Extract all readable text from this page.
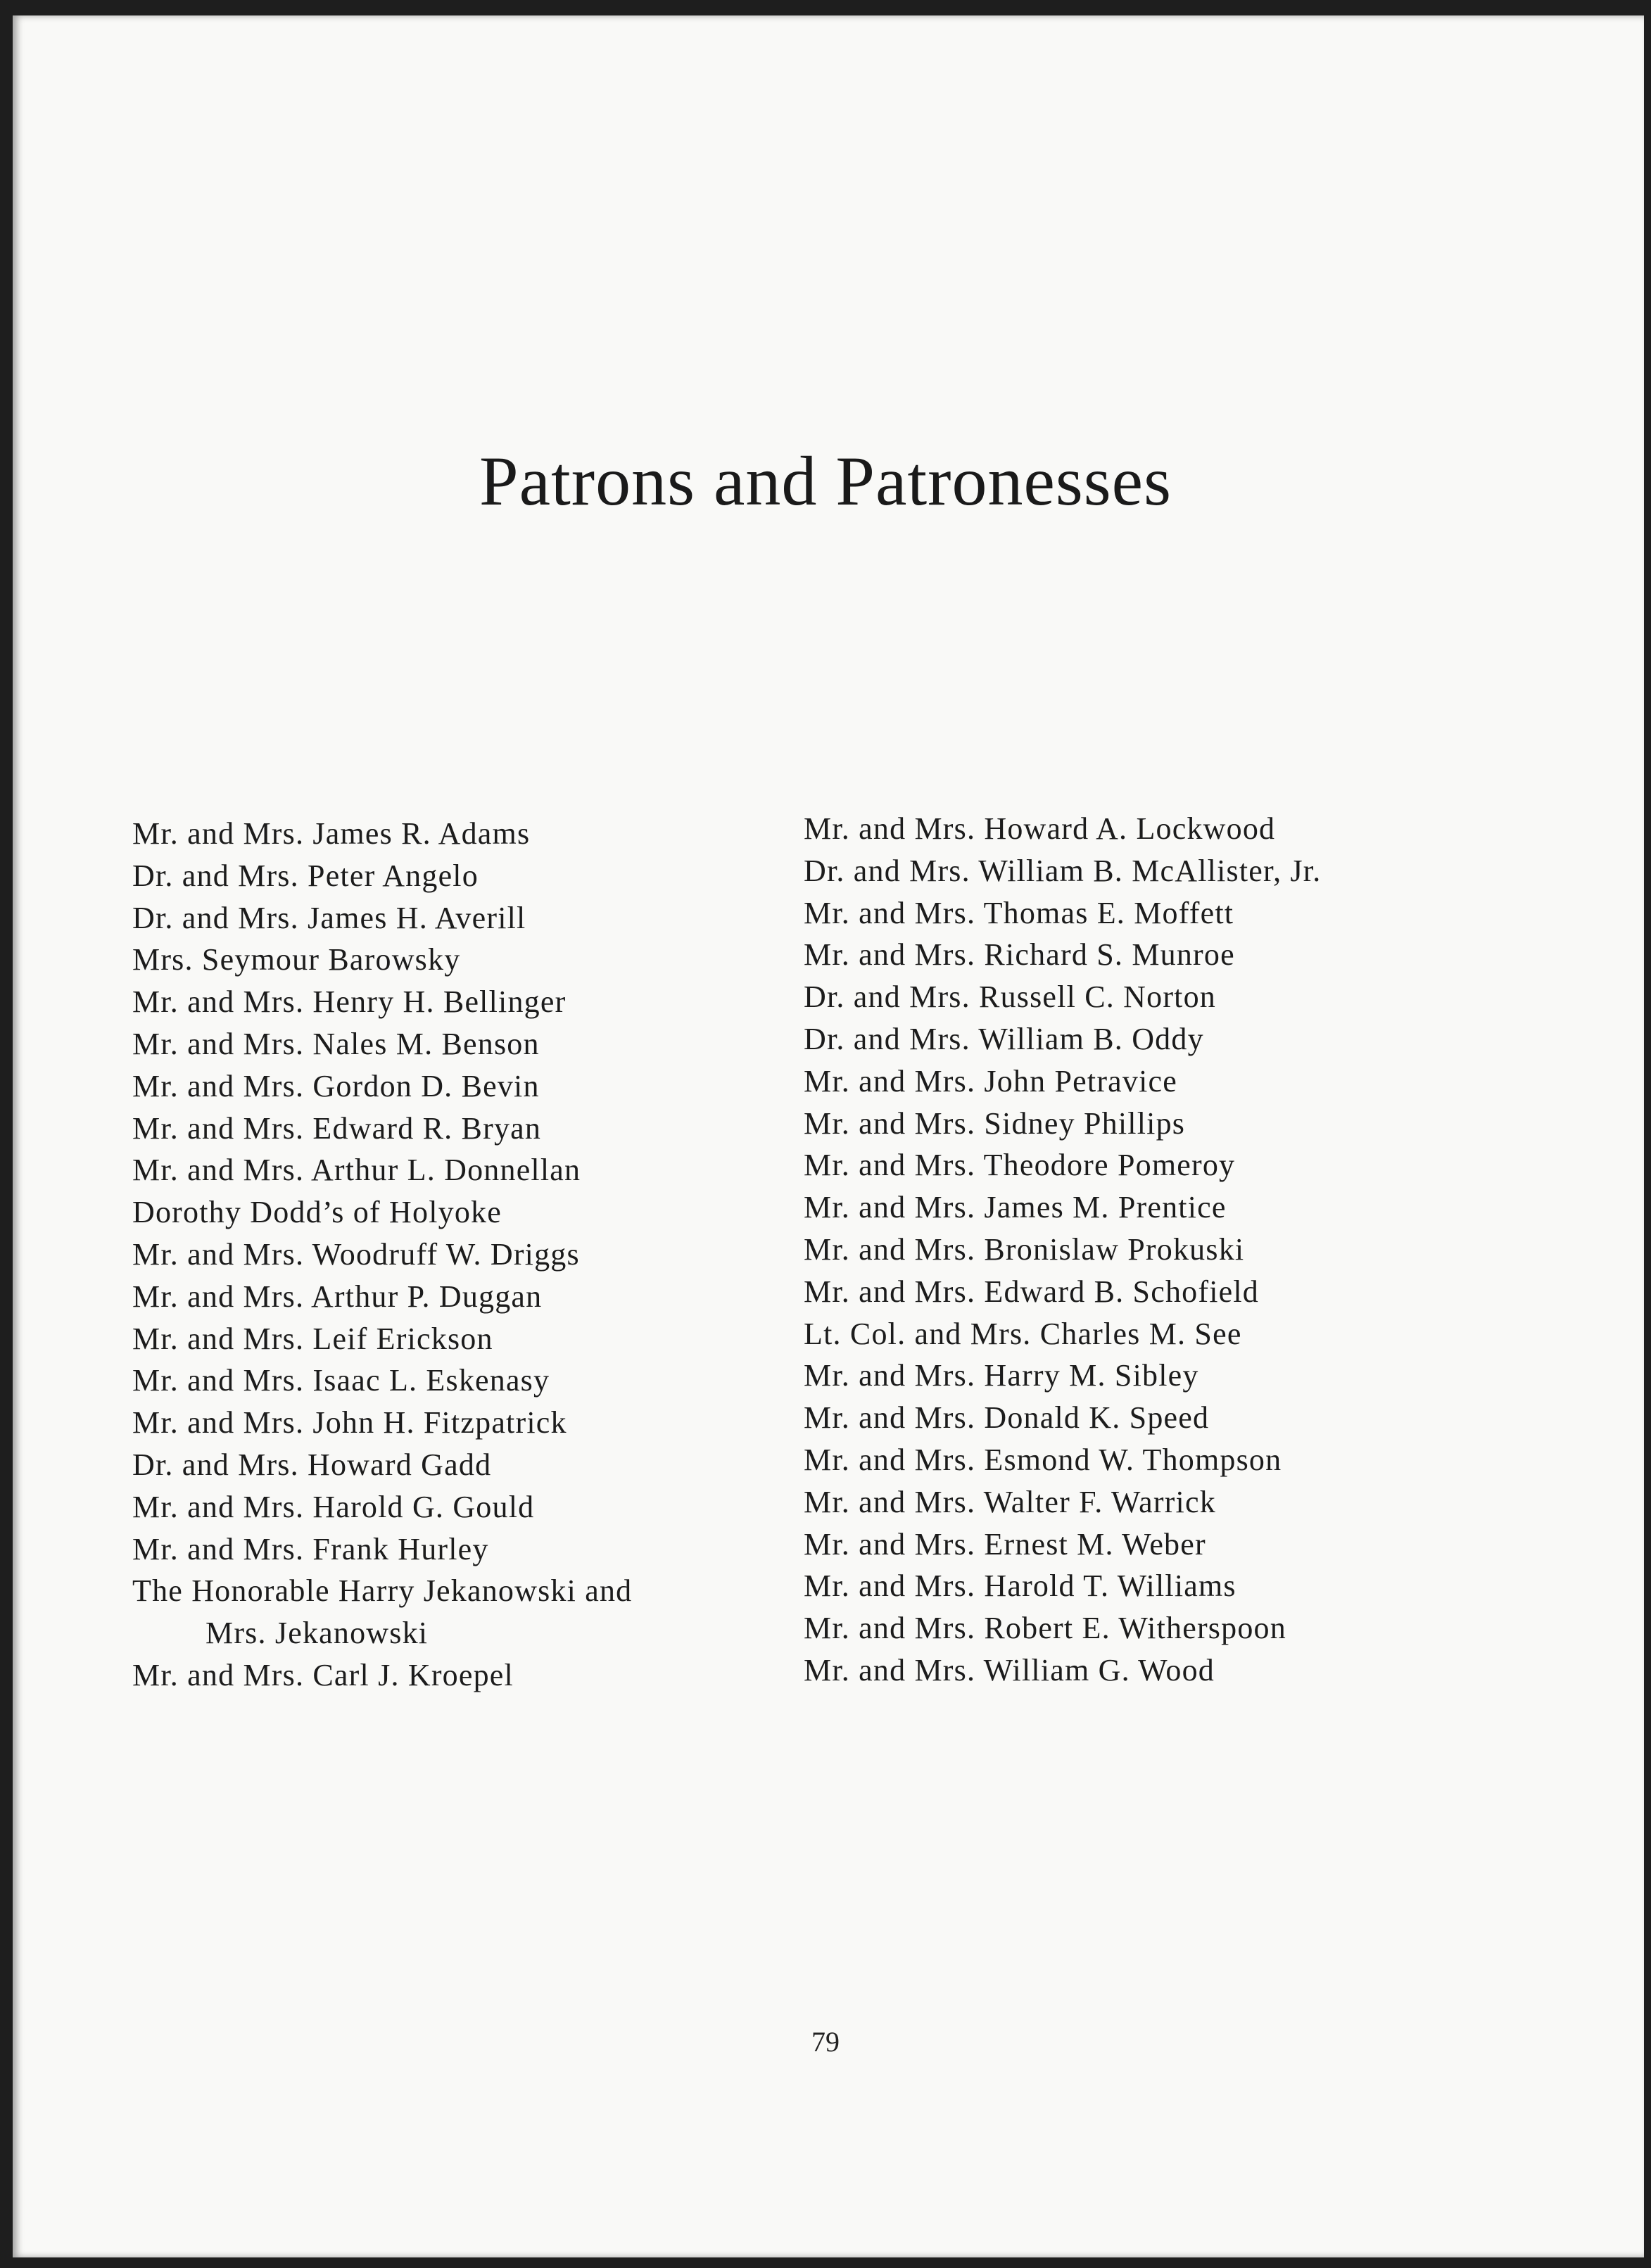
Patrons and Patronesses
Mr. and Mrs. James R. Adams
Dr. and Mrs. Peter Angelo
Dr. and Mrs. James H. Averill
Mrs. Seymour Barowsky
Mr. and Mrs. Henry H. Bellinger
Mr. and Mrs. Nales M. Benson
Mr. and Mrs. Gordon D. Bevin
Mr. and Mrs. Edward R. Bryan
Mr. and Mrs. Arthur L. Donnellan
Dorothy Dodd’s of Holyoke
Mr. and Mrs. Woodruff W. Driggs
Mr. and Mrs. Arthur P. Duggan
Mr. and Mrs. Leif Erickson
Mr. and Mrs. Isaac L. Eskenasy
Mr. and Mrs. John H. Fitzpatrick
Dr. and Mrs. Howard Gadd
Mr. and Mrs. Harold G. Gould
Mr. and Mrs. Frank Hurley
The Honorable Harry Jekanowski and
Mrs. Jekanowski
Mr. and Mrs. Carl J. Kroepel
Mr. and Mrs. Howard A. Lockwood
Dr. and Mrs. William B. McAllister, Jr.
Mr. and Mrs. Thomas E. Moffett
Mr. and Mrs. Richard S. Munroe
Dr. and Mrs. Russell C. Norton
Dr. and Mrs. William B. Oddy
Mr. and Mrs. John Petravice
Mr. and Mrs. Sidney Phillips
Mr. and Mrs. Theodore Pomeroy
Mr. and Mrs. James M. Prentice
Mr. and Mrs. Bronislaw Prokuski
Mr. and Mrs. Edward B. Schofield
Lt. Col. and Mrs. Charles M. See
Mr. and Mrs. Harry M. Sibley
Mr. and Mrs. Donald K. Speed
Mr. and Mrs. Esmond W. Thompson
Mr. and Mrs. Walter F. Warrick
Mr. and Mrs. Ernest M. Weber
Mr. and Mrs. Harold T. Williams
Mr. and Mrs. Robert E. Witherspoon
Mr. and Mrs. William G. Wood
79
